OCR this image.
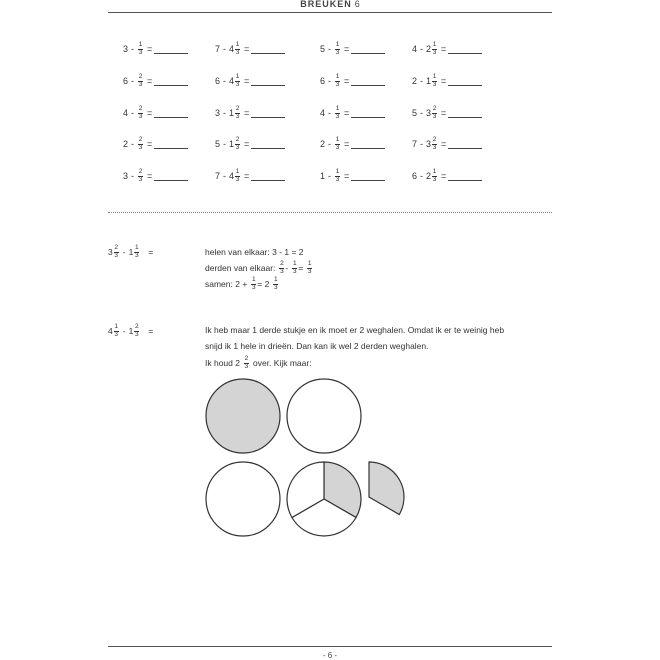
BREUKEN 6
$3 - \frac{1}{3}$ =	$7 - 4 \frac{1}{3}$ =	$5 - \frac{1}{3}$ =	$4 - 2 \frac{1}{3}$ =
$6 - \frac{2}{3}$ =	$6 - 4 \frac{1}{3}$ =	$6 - \frac{1}{3}$ =	$2 - 1 \frac{1}{3}$ =
$4 - \frac{2}{3}$ =	$3 - 1 \frac{2}{3}$ =	$4 - \frac{1}{3}$ =	$5 - 3 \frac{2}{3}$ =
$2 - \frac{2}{3}$ =	$5 - 1 \frac{2}{3}$ =	$2 - \frac{1}{3}$ =	$7 - 3 \frac{2}{3}$ =
$3 - \frac{2}{3}$ =	$7 - 4 \frac{1}{3}$ =	$1 - \frac{1}{3}$ =	$6 - 2 \frac{1}{3}$ =
$3 \frac{2}{3} - 1 \frac{1}{3}$ =	helen van elkaar: 3 - 1 = 2
derden van elkaar: $\frac{2}{3} - \frac{1}{3} = \frac{1}{3}$
samen: $2 + \frac{1}{3} = 2 \frac{1}{3}$
$4 \frac{1}{3} - 1 \frac{2}{3}$ =	Ik heb maar 1 derde stukje en ik moet er 2 weghalen. Omdat ik er te weinig heb
snijd ik 1 hele in drieën. Dan kan ik wel 2 derden weghalen.
Ik houd $2 \frac{2}{3}$ over. Kijk maar:
- 6 -
